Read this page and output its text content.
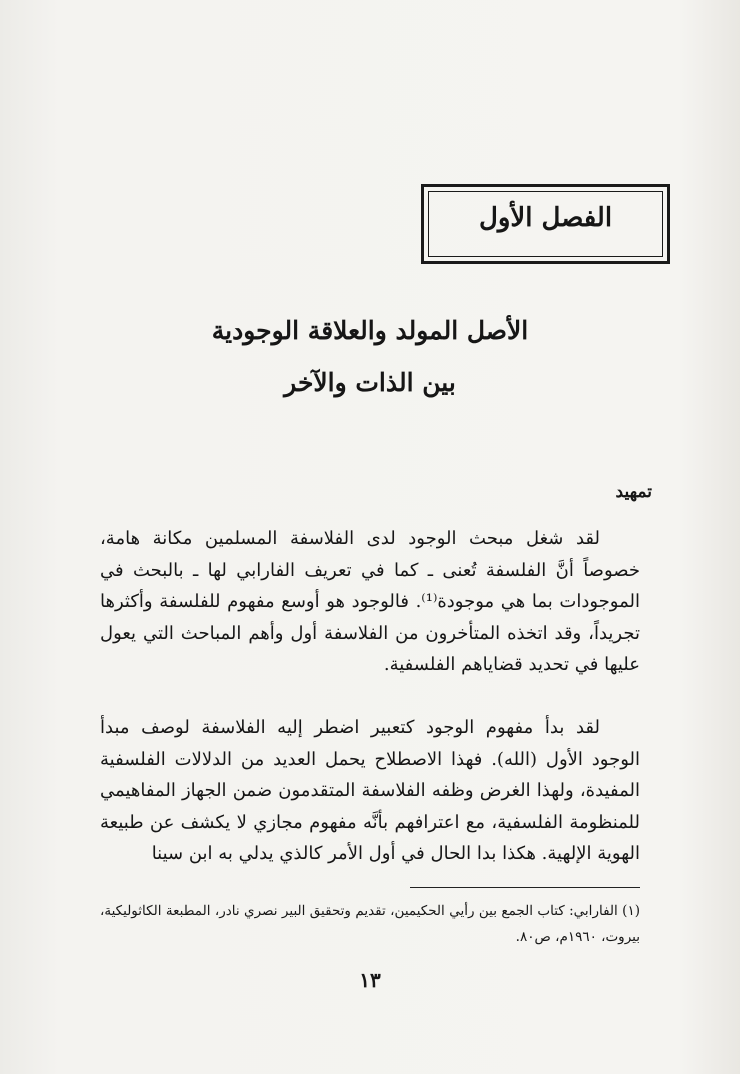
الفصل الأول
الأصل المولد والعلاقة الوجودية
بين الذات والآخر
تمهيد

لقد شغل مبحث الوجود لدى الفلاسفة المسلمين مكانة هامة، خصوصاً أنَّ الفلسفة تُعنى ـ كما في تعريف الفارابي لها ـ بالبحث في الموجودات بما هي موجودة⁽¹⁾. فالوجود هو أوسع مفهوم للفلسفة وأكثرها تجريداً، وقد اتخذه المتأخرون من الفلاسفة أول وأهم المباحث التي يعول عليها في تحديد قضاياهم الفلسفية.

لقد بدأ مفهوم الوجود كتعبير اضطر إليه الفلاسفة لوصف مبدأ الوجود الأول (الله). فهذا الاصطلاح يحمل العديد من الدلالات الفلسفية المفيدة، ولهذا الغرض وظفه الفلاسفة المتقدمون ضمن الجهاز المفاهيمي للمنظومة الفلسفية، مع اعترافهم بأنَّه مفهوم مجازي لا يكشف عن طبيعة الهوية الإلهية. هكذا بدا الحال في أول الأمر كالذي يدلي به ابن سينا

(١) الفارابي: كتاب الجمع بين رأيي الحكيمين، تقديم وتحقيق البير نصري نادر، المطبعة الكاثوليكية، بيروت، ١٩٦٠م، ص٨٠.
١٣
